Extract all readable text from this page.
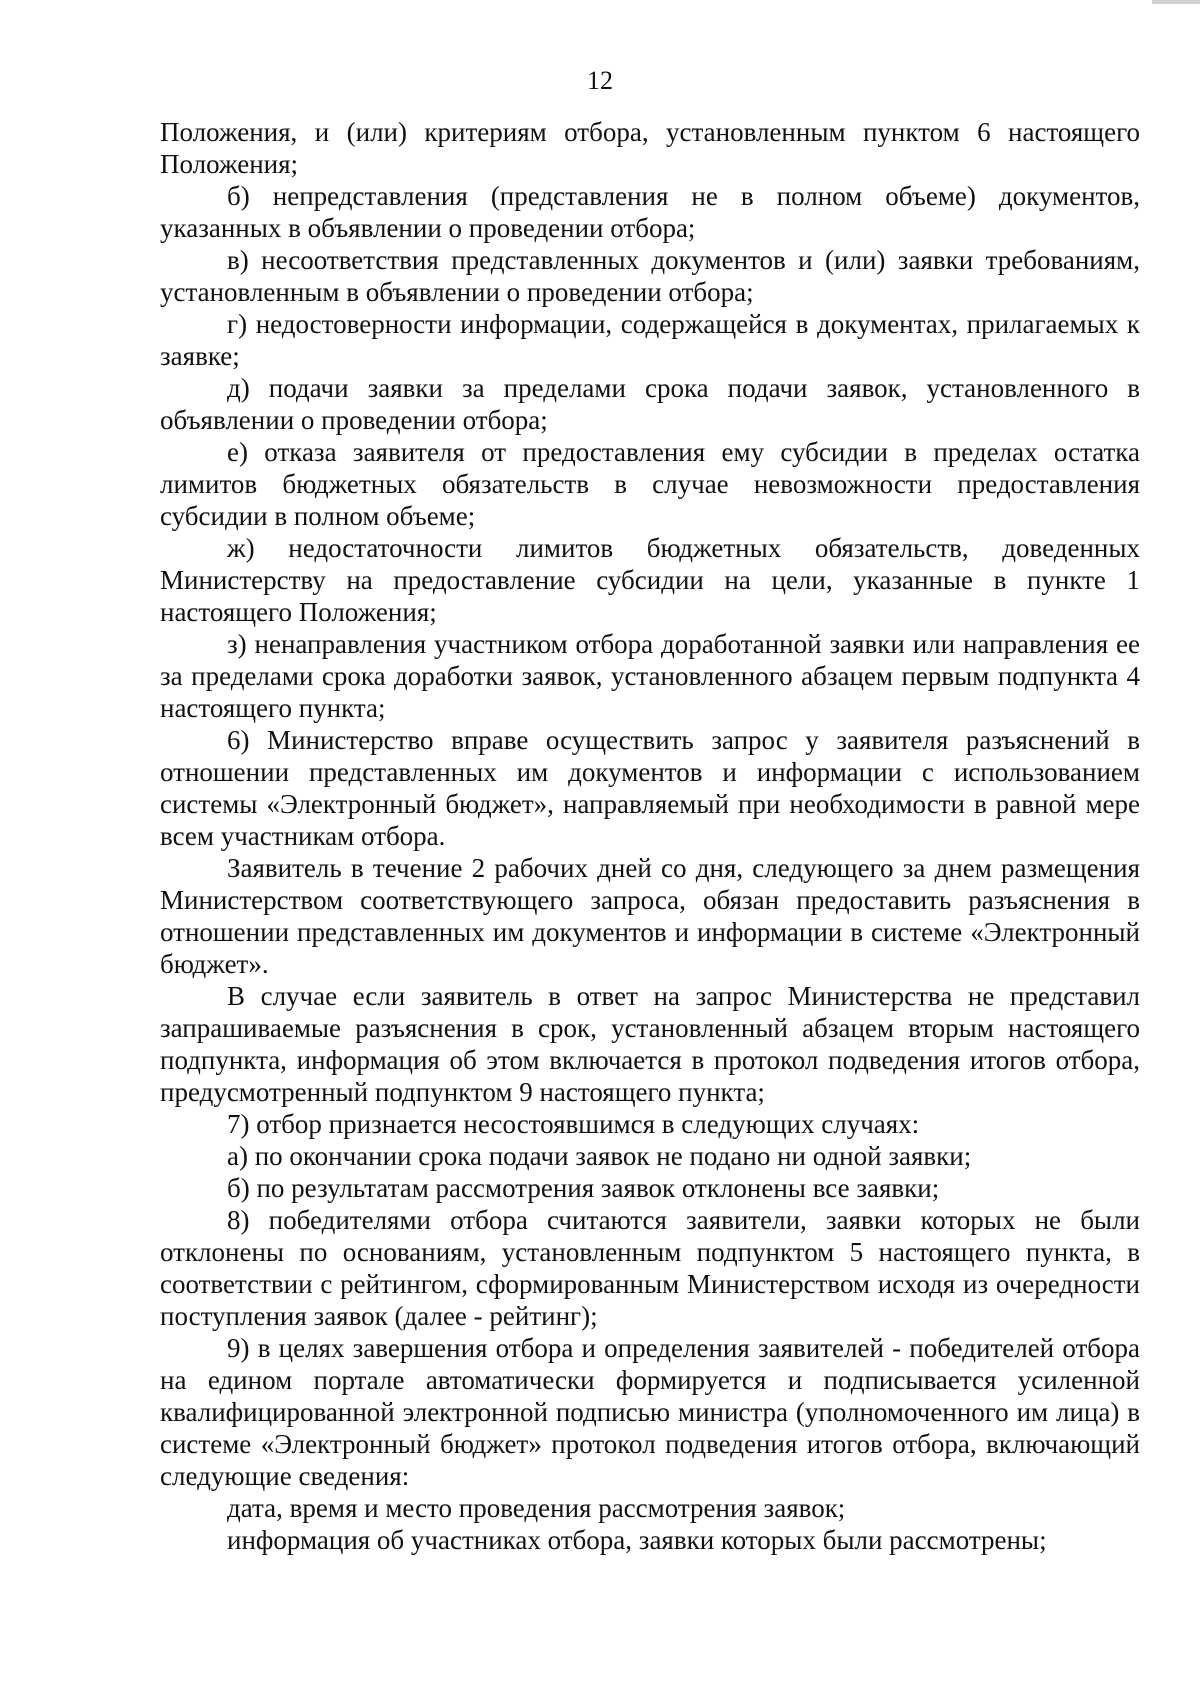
12

Положения, и (или) критериям отбора, установленным пунктом 6 настоящего Положения;

б) непредставления (представления не в полном объеме) документов, указанных в объявлении о проведении отбора;

в) несоответствия представленных документов и (или) заявки требованиям, установленным в объявлении о проведении отбора;

г) недостоверности информации, содержащейся в документах, прилагаемых к заявке;

д) подачи заявки за пределами срока подачи заявок, установленного в объявлении о проведении отбора;

е) отказа заявителя от предоставления ему субсидии в пределах остатка лимитов бюджетных обязательств в случае невозможности предоставления субсидии в полном объеме;

ж) недостаточности лимитов бюджетных обязательств, доведенных Министерству на предоставление субсидии на цели, указанные в пункте 1 настоящего Положения;

з) ненаправления участником отбора доработанной заявки или направления ее за пределами срока доработки заявок, установленного абзацем первым подпункта 4 настоящего пункта;

6) Министерство вправе осуществить запрос у заявителя разъяснений в отношении представленных им документов и информации с использованием системы «Электронный бюджет», направляемый при необходимости в равной мере всем участникам отбора.

Заявитель в течение 2 рабочих дней со дня, следующего за днем размещения Министерством соответствующего запроса, обязан предоставить разъяснения в отношении представленных им документов и информации в системе «Электронный бюджет».

В случае если заявитель в ответ на запрос Министерства не представил запрашиваемые разъяснения в срок, установленный абзацем вторым настоящего подпункта, информация об этом включается в протокол подведения итогов отбора, предусмотренный подпунктом 9 настоящего пункта;

7) отбор признается несостоявшимся в следующих случаях:

а) по окончании срока подачи заявок не подано ни одной заявки;

б) по результатам рассмотрения заявок отклонены все заявки;

8) победителями отбора считаются заявители, заявки которых не были отклонены по основаниям, установленным подпунктом 5 настоящего пункта, в соответствии с рейтингом, сформированным Министерством исходя из очередности поступления заявок (далее - рейтинг);

9) в целях завершения отбора и определения заявителей - победителей отбора на едином портале автоматически формируется и подписывается усиленной квалифицированной электронной подписью министра (уполномоченного им лица) в системе «Электронный бюджет» протокол подведения итогов отбора, включающий следующие сведения:

дата, время и место проведения рассмотрения заявок;

информация об участниках отбора, заявки которых были рассмотрены;
